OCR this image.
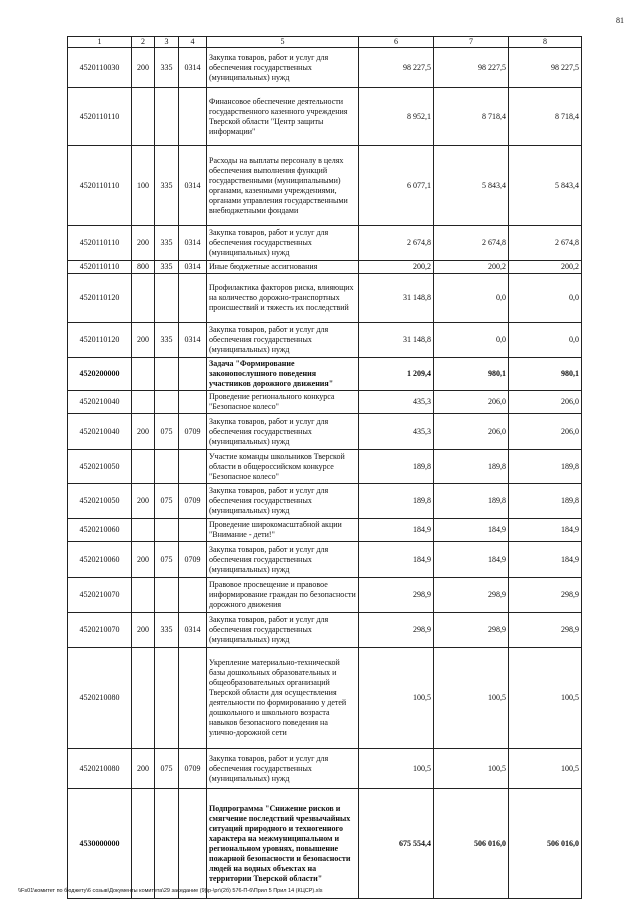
81
1	2	3	4	5	6	7	8
4520110030	200	335	0314	Закупка товаров, работ и услуг для обеспечения государственных (муниципальных) нужд	98 227,5	98 227,5	98 227,5
4520110110				Финансовое обеспечение деятельности государственного казенного учреждения Тверской области "Центр защиты информации"	8 952,1	8 718,4	8 718,4
4520110110	100	335	0314	Расходы на выплаты персоналу в целях обеспечения выполнения функций государственными (муниципальными) органами, казенными учреждениями, органами управления государственными внебюджетными фондами	6 077,1	5 843,4	5 843,4
4520110110	200	335	0314	Закупка товаров, работ и услуг для обеспечения государственных (муниципальных) нужд	2 674,8	2 674,8	2 674,8
4520110110	800	335	0314	Иные бюджетные ассигнования	200,2	200,2	200,2
4520110120				Профилактика факторов риска, влияющих на количество дорожно-транспортных происшествий и тяжесть их последствий	31 148,8	0,0	0,0
4520110120	200	335	0314	Закупка товаров, работ и услуг для обеспечения государственных (муниципальных) нужд	31 148,8	0,0	0,0
4520200000				Задача "Формирование законопослушного поведения участников дорожного движения"	1 209,4	980,1	980,1
4520210040				Проведение регионального конкурса "Безопасное колесо"	435,3	206,0	206,0
4520210040	200	075	0709	Закупка товаров, работ и услуг для обеспечения государственных (муниципальных) нужд	435,3	206,0	206,0
4520210050				Участие команды школьников Тверской области в общероссийском конкурсе "Безопасное колесо"	189,8	189,8	189,8
4520210050	200	075	0709	Закупка товаров, работ и услуг для обеспечения государственных (муниципальных) нужд	189,8	189,8	189,8
4520210060				Проведение широкомасштабной акции "Внимание - дети!"	184,9	184,9	184,9
4520210060	200	075	0709	Закупка товаров, работ и услуг для обеспечения государственных (муниципальных) нужд	184,9	184,9	184,9
4520210070				Правовое просвещение и правовое информирование граждан по безопасности дорожного движения	298,9	298,9	298,9
4520210070	200	335	0314	Закупка товаров, работ и услуг для обеспечения государственных (муниципальных) нужд	298,9	298,9	298,9
4520210080				Укрепление материально-технической базы дошкольных образовательных и общеобразовательных организаций Тверской области для осуществления деятельности по формированию у детей дошкольного и школьного возраста навыков безопасного поведения на улично-дорожной сети	100,5	100,5	100,5
4520210080	200	075	0709	Закупка товаров, работ и услуг для обеспечения государственных (муниципальных) нужд	100,5	100,5	100,5
4530000000				Подпрограмма "Снижение рисков и смягчение последствий чрезвычайных ситуаций природного и техногенного характера на межмуниципальном и региональном уровнях, повышение пожарной безопасности и безопасности людей на водных объектах на территории Тверской области"	675 554,4	506 016,0	506 016,0
\\Fs01\комитет по бюджету\6 созыв\Документы комитета\29 заседание (9)\р-\рг\(2б) 576-П-6\Прил 5 Прил 14 (КЦСР).xls
